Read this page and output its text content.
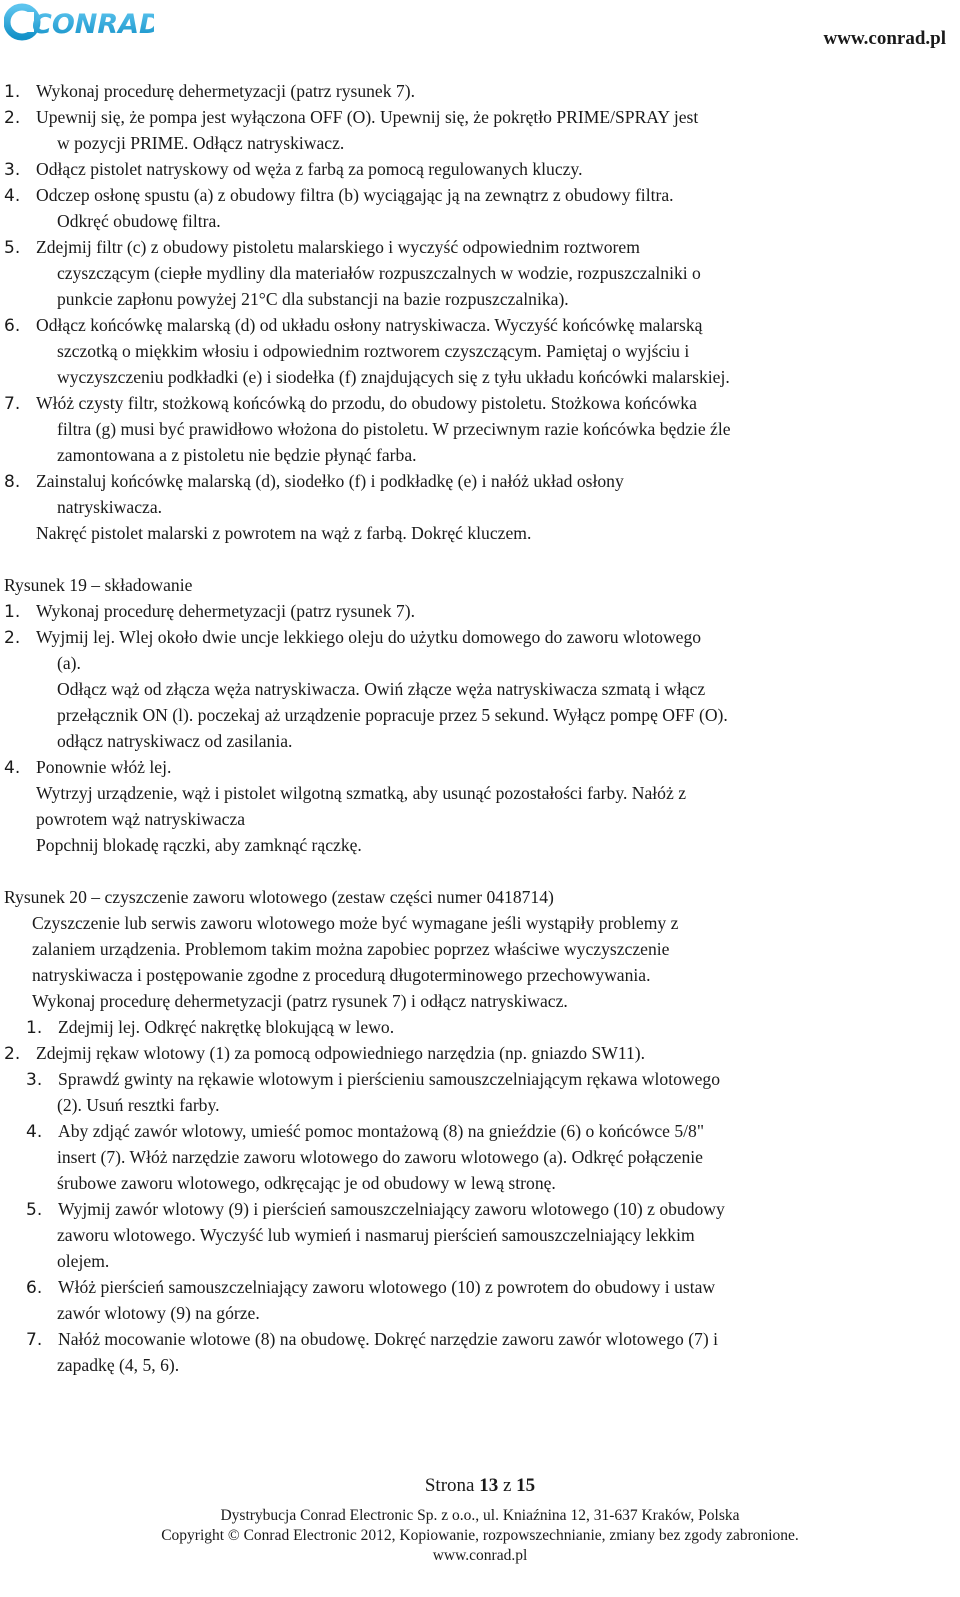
CONRAD	www.conrad.pl
1. Wykonaj procedurę dehermetyzacji (patrz rysunek 7).
2. Upewnij się, że pompa jest wyłączona OFF (O). Upewnij się, że pokrętło PRIME/SPRAY jest
w pozycji PRIME. Odłącz natryskiwacz.
3. Odłącz pistolet natryskowy od węża z farbą za pomocą regulowanych kluczy.
4. Odczep osłonę spustu (a) z obudowy filtra (b) wyciągając ją na zewnątrz z obudowy filtra.
Odkręć obudowę filtra.
5. Zdejmij filtr (c) z obudowy pistoletu malarskiego i wyczyść odpowiednim roztworem
czyszczącym (ciepłe mydliny dla materiałów rozpuszczalnych w wodzie, rozpuszczalniki o
punkcie zapłonu powyżej 21°C dla substancji na bazie rozpuszczalnika).
6. Odłącz końcówkę malarską (d) od układu osłony natryskiwacza. Wyczyść końcówkę malarską
szczotką o miękkim włosiu i odpowiednim roztworem czyszczącym. Pamiętaj o wyjściu i
wyczyszczeniu podkładki (e) i siodełka (f) znajdujących się z tyłu układu końcówki malarskiej.
7. Włóż czysty filtr, stożkową końcówką do przodu, do obudowy pistoletu. Stożkowa końcówka
filtra (g) musi być prawidłowo włożona do pistoletu. W przeciwnym razie końcówka będzie źle
zamontowana a z pistoletu nie będzie płynąć farba.
8. Zainstaluj końcówkę malarską (d), siodełko (f) i podkładkę (e) i nałóż układ osłony
natryskiwacza.
Nakręć pistolet malarski z powrotem na wąż z farbą. Dokręć kluczem.
Rysunek 19 – składowanie
1. Wykonaj procedurę dehermetyzacji (patrz rysunek 7).
2. Wyjmij lej. Wlej około dwie uncje lekkiego oleju do użytku domowego do zaworu wlotowego
(a).
Odłącz wąż od złącza węża natryskiwacza. Owiń złącze węża natryskiwacza szmatą i włącz
przełącznik ON (l). poczekaj aż urządzenie popracuje przez 5 sekund. Wyłącz pompę OFF (O).
odłącz natryskiwacz od zasilania.
4. Ponownie włóż lej.
Wytrzyj urządzenie, wąż i pistolet wilgotną szmatką, aby usunąć pozostałości farby. Nałóż z
powrotem wąż natryskiwacza
Popchnij blokadę rączki, aby zamknąć rączkę.
Rysunek 20 – czyszczenie zaworu wlotowego (zestaw części numer 0418714)
Czyszczenie lub serwis zaworu wlotowego może być wymagane jeśli wystąpiły problemy z
zalaniem urządzenia. Problemom takim można zapobiec poprzez właściwe wyczyszczenie
natryskiwacza i postępowanie zgodne z procedurą długoterminowego przechowywania.
Wykonaj procedurę dehermetyzacji (patrz rysunek 7) i odłącz natryskiwacz.
1. Zdejmij lej. Odkręć nakrętkę blokującą w lewo.
2. Zdejmij rękaw wlotowy (1) za pomocą odpowiedniego narzędzia (np. gniazdo SW11).
3. Sprawdź gwinty na rękawie wlotowym i pierścieniu samouszczelniającym rękawa wlotowego
(2). Usuń resztki farby.
4. Aby zdjąć zawór wlotowy, umieść pomoc montażową (8) na gnieździe (6) o końcówce 5/8"
insert (7). Włóż narzędzie zaworu wlotowego do zaworu wlotowego (a). Odkręć połączenie
śrubowe zaworu wlotowego, odkręcając je od obudowy w lewą stronę.
5. Wyjmij zawór wlotowy (9) i pierścień samouszczelniający zaworu wlotowego (10) z obudowy
zaworu wlotowego. Wyczyść lub wymień i nasmaruj pierścień samouszczelniający lekkim
olejem.
6. Włóż pierścień samouszczelniający zaworu wlotowego (10) z powrotem do obudowy i ustaw
zawór wlotowy (9) na górze.
7. Nałóż mocowanie wlotowe (8) na obudowę. Dokręć narzędzie zaworu zawór wlotowego (7) i
zapadkę (4, 5, 6).
Strona 13 z 15
Dystrybucja Conrad Electronic Sp. z o.o., ul. Kniaźnina 12, 31-637 Kraków, Polska
Copyright © Conrad Electronic 2012, Kopiowanie, rozpowszechnianie, zmiany bez zgody zabronione.
www.conrad.pl
